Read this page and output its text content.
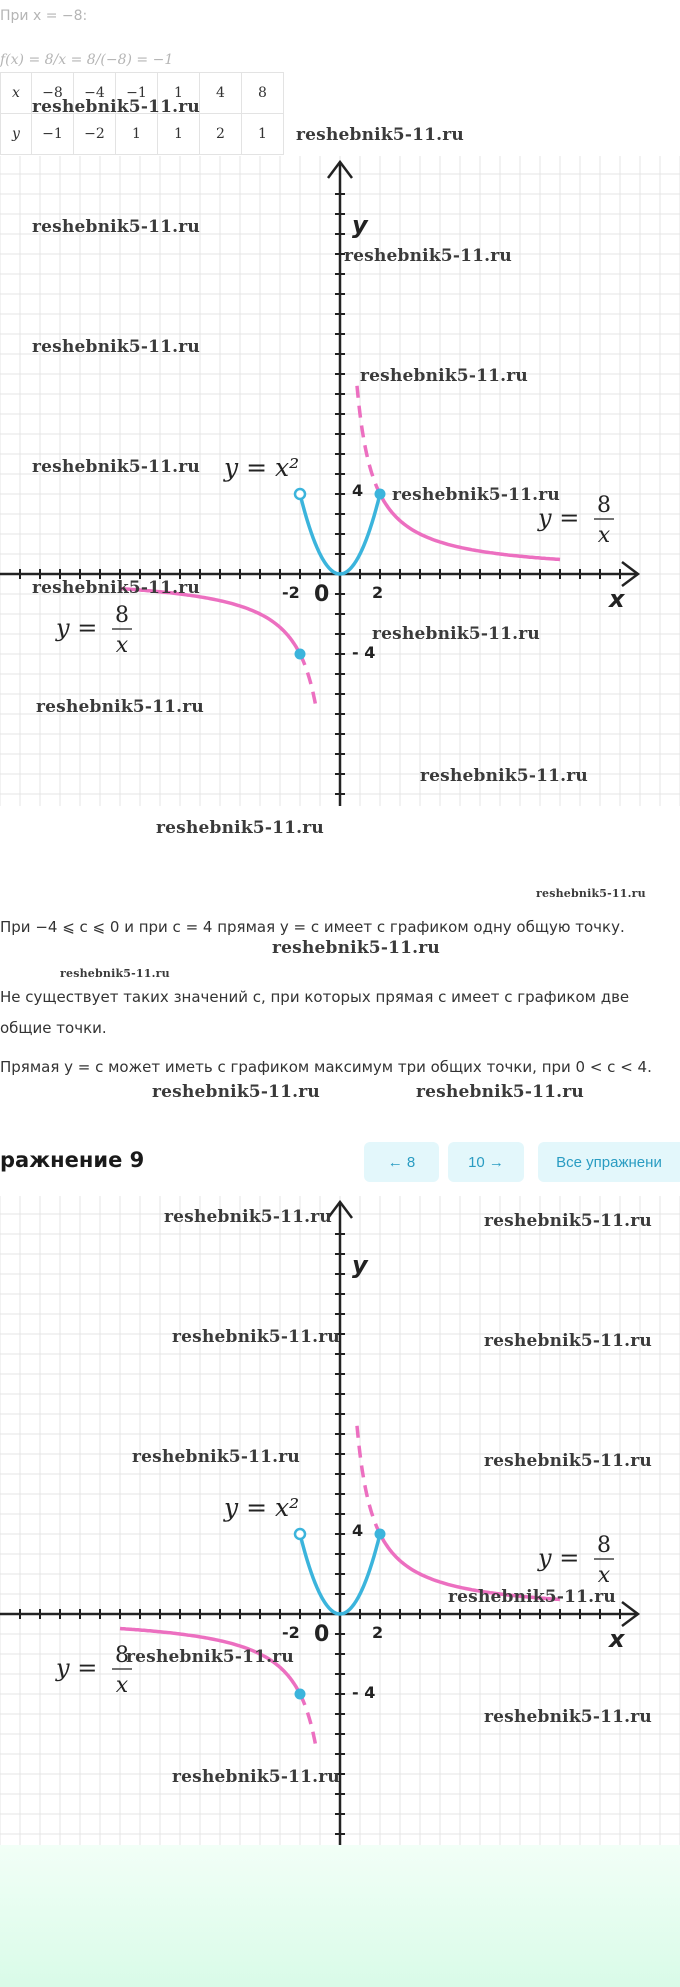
При x = −8:
f(x) = 8/x = 8/(−8) = −1
x	−8	−4	−1	1	4	8
y	−1	−2	1	1	2	1
-2 0	2
4
- 4
x
y
y = x²
y = 8
x
y = 8
x
При −4 ⩽ c ⩽ 0 и при c = 4 прямая y = c имеет с графиком одну общую точку.
Не существует таких значений c, при которых прямая c имеет с графиком две общие точки.
Прямая y = c может иметь с графиком максимум три общих точки, при 0 < c < 4.
ражнение 9	← 8	10 →	Все упражнени
-2 0	2
4
- 4
x
y
y = x²
y = 8
x
y = 8
x
reshebnik5-11.ru
reshebnik5-11.ru
reshebnik5-11.ru
reshebnik5-11.ru
reshebnik5-11.ru
reshebnik5-11.ru
reshebnik5-11.ru
reshebnik5-11.ru
reshebnik5-11.ru
reshebnik5-11.ru
reshebnik5-11.ru
reshebnik5-11.ru
reshebnik5-11.ru
reshebnik5-11.ru
reshebnik5-11.ru
reshebnik5-11.ru
reshebnik5-11.ru	reshebnik5-11.ru
reshebnik5-11.ru	reshebnik5-11.ru
reshebnik5-11.ru	reshebnik5-11.ru
reshebnik5-11.ru	reshebnik5-11.ru
reshebnik5-11.ru
reshebnik5-11.ru
reshebnik5-11.ru
reshebnik5-11.ru
